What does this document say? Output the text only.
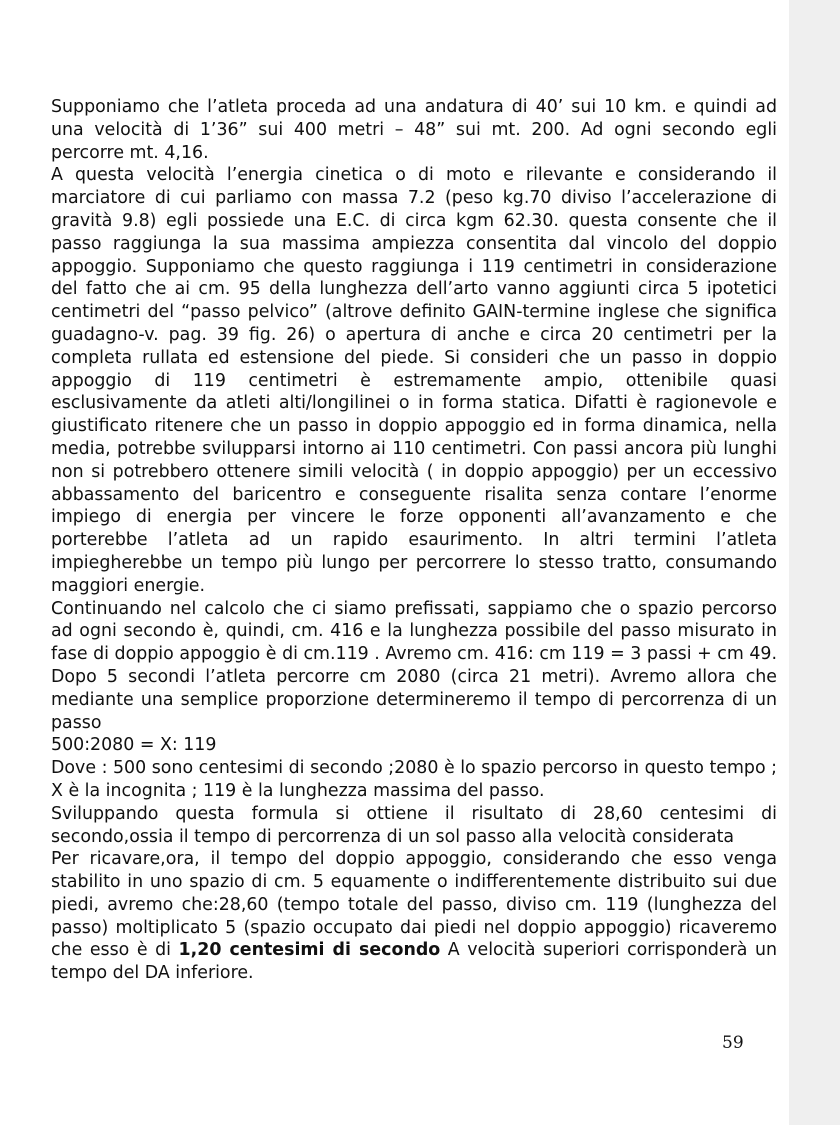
Supponiamo che l’atleta proceda ad una andatura di 40’ sui 10 km. e quindi ad una velocità di 1’36” sui 400 metri – 48” sui mt. 200. Ad ogni secondo egli percorre mt. 4,16.

A questa velocità l’energia cinetica o di moto e rilevante e considerando il marciatore di cui parliamo con massa 7.2 (peso kg.70 diviso l’accelerazione di gravità 9.8) egli possiede una E.C. di circa kgm 62.30. questa consente che il passo raggiunga la sua massima ampiezza consentita dal vincolo del doppio appoggio. Supponiamo che questo raggiunga i 119 centimetri in considerazione del fatto che ai cm. 95 della lunghezza dell’arto vanno aggiunti circa 5 ipotetici centimetri del “passo pelvico” (altrove definito GAIN-termine inglese che significa guadagno-v. pag. 39 fig. 26) o apertura di anche e circa 20 centimetri per la completa rullata ed estensione del piede. Si consideri che un passo in doppio appoggio di 119 centimetri è estremamente ampio, ottenibile quasi esclusivamente da atleti alti/longilinei o in forma statica. Difatti è ragionevole e giustificato ritenere che un passo in doppio appoggio ed in forma dinamica, nella media, potrebbe svilupparsi intorno ai 110 centimetri. Con passi ancora più lunghi non si potrebbero ottenere simili velocità ( in doppio appoggio) per un eccessivo abbassamento del baricentro e conseguente risalita senza contare l’enorme impiego di energia per vincere le forze opponenti all’avanzamento e che porterebbe l’atleta ad un rapido esaurimento. In altri termini l’atleta impiegherebbe un tempo più lungo per percorrere lo stesso tratto, consumando maggiori energie.

Continuando nel calcolo che ci siamo prefissati, sappiamo che o spazio percorso ad ogni secondo è, quindi, cm. 416 e la lunghezza possibile del passo misurato in fase di doppio appoggio è di cm.119 . Avremo cm. 416: cm 119 = 3 passi + cm 49. Dopo 5 secondi l’atleta percorre cm 2080 (circa 21 metri). Avremo allora che mediante una semplice proporzione determineremo il tempo di percorrenza di un passo

500:2080 = X: 119

Dove : 500 sono centesimi di secondo ;2080 è lo spazio percorso in questo tempo ; X è la incognita ; 119 è la lunghezza massima del passo.

Sviluppando questa formula si ottiene il risultato di 28,60 centesimi di secondo,ossia il tempo di percorrenza di un sol passo alla velocità considerata

Per ricavare,ora, il tempo del doppio appoggio, considerando che esso venga stabilito in uno spazio di cm. 5 equamente o indifferentemente distribuito sui due piedi, avremo che:28,60 (tempo totale del passo, diviso cm. 119 (lunghezza del passo) moltiplicato 5 (spazio occupato dai piedi nel doppio appoggio) ricaveremo che esso è di 1,20 centesimi di secondo A velocità superiori corrisponderà un tempo del DA inferiore.

59
